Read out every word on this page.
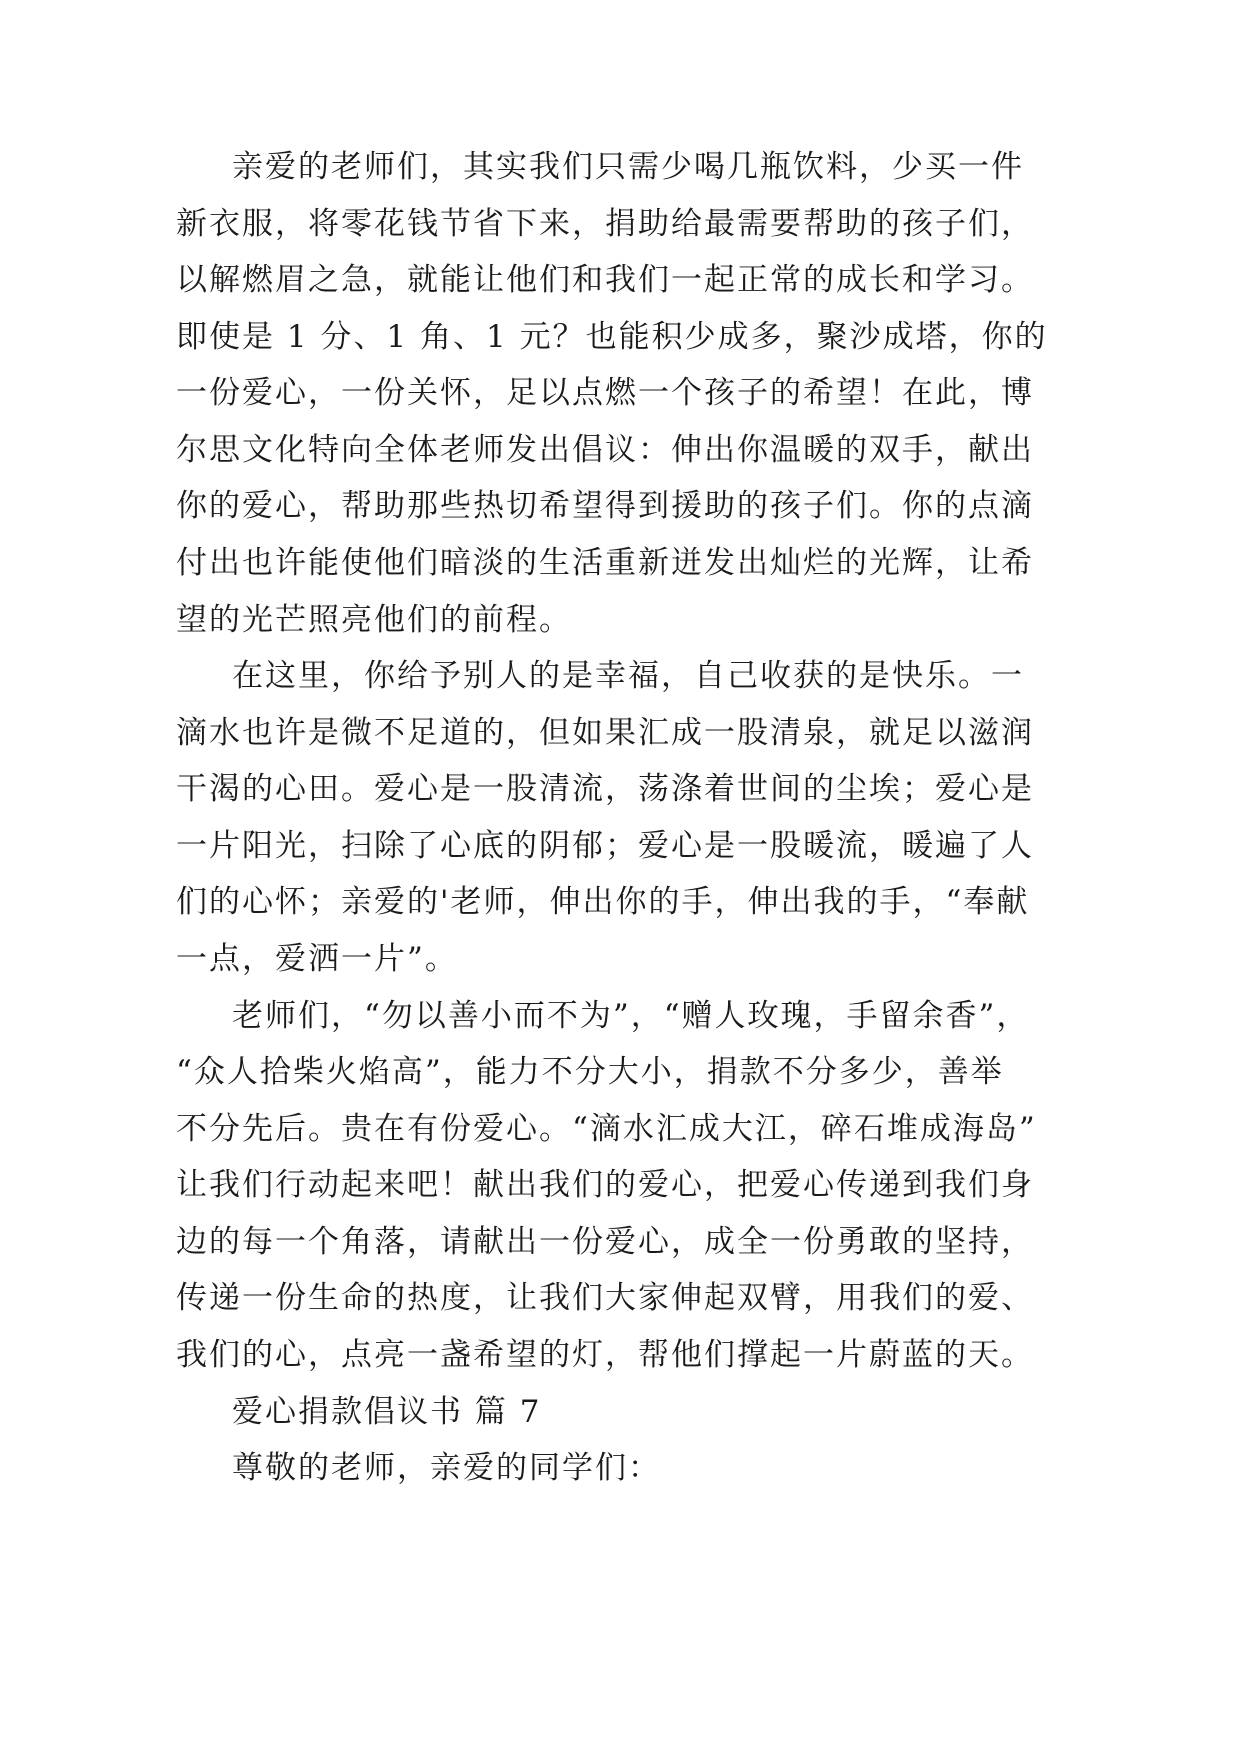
亲爱的老师们，其实我们只需少喝几瓶饮料，少买一件
新衣服，将零花钱节省下来，捐助给最需要帮助的孩子们，
以解燃眉之急，就能让他们和我们一起正常的成长和学习。
即使是 1 分、1 角、1 元？也能积少成多，聚沙成塔，你的
一份爱心，一份关怀，足以点燃一个孩子的希望！在此，博
尔思文化特向全体老师发出倡议：伸出你温暖的双手，献出
你的爱心，帮助那些热切希望得到援助的孩子们。你的点滴
付出也许能使他们暗淡的生活重新迸发出灿烂的光辉，让希
望的光芒照亮他们的前程。
在这里，你给予别人的是幸福，自己收获的是快乐。一
滴水也许是微不足道的，但如果汇成一股清泉，就足以滋润
干渴的心田。爱心是一股清流，荡涤着世间的尘埃；爱心是
一片阳光，扫除了心底的阴郁；爱心是一股暖流，暖遍了人
们的心怀；亲爱的'老师，伸出你的手，伸出我的手，“奉献
一点，爱洒一片”。
老师们，“勿以善小而不为”，“赠人玫瑰，手留余香”，
“众人拾柴火焰高”，能力不分大小，捐款不分多少，善举
不分先后。贵在有份爱心。“滴水汇成大江，碎石堆成海岛”
让我们行动起来吧！献出我们的爱心，把爱心传递到我们身
边的每一个角落，请献出一份爱心，成全一份勇敢的坚持，
传递一份生命的热度，让我们大家伸起双臂，用我们的爱、
我们的心，点亮一盏希望的灯，帮他们撑起一片蔚蓝的天。
爱心捐款倡议书 篇 7
尊敬的老师，亲爱的同学们：
